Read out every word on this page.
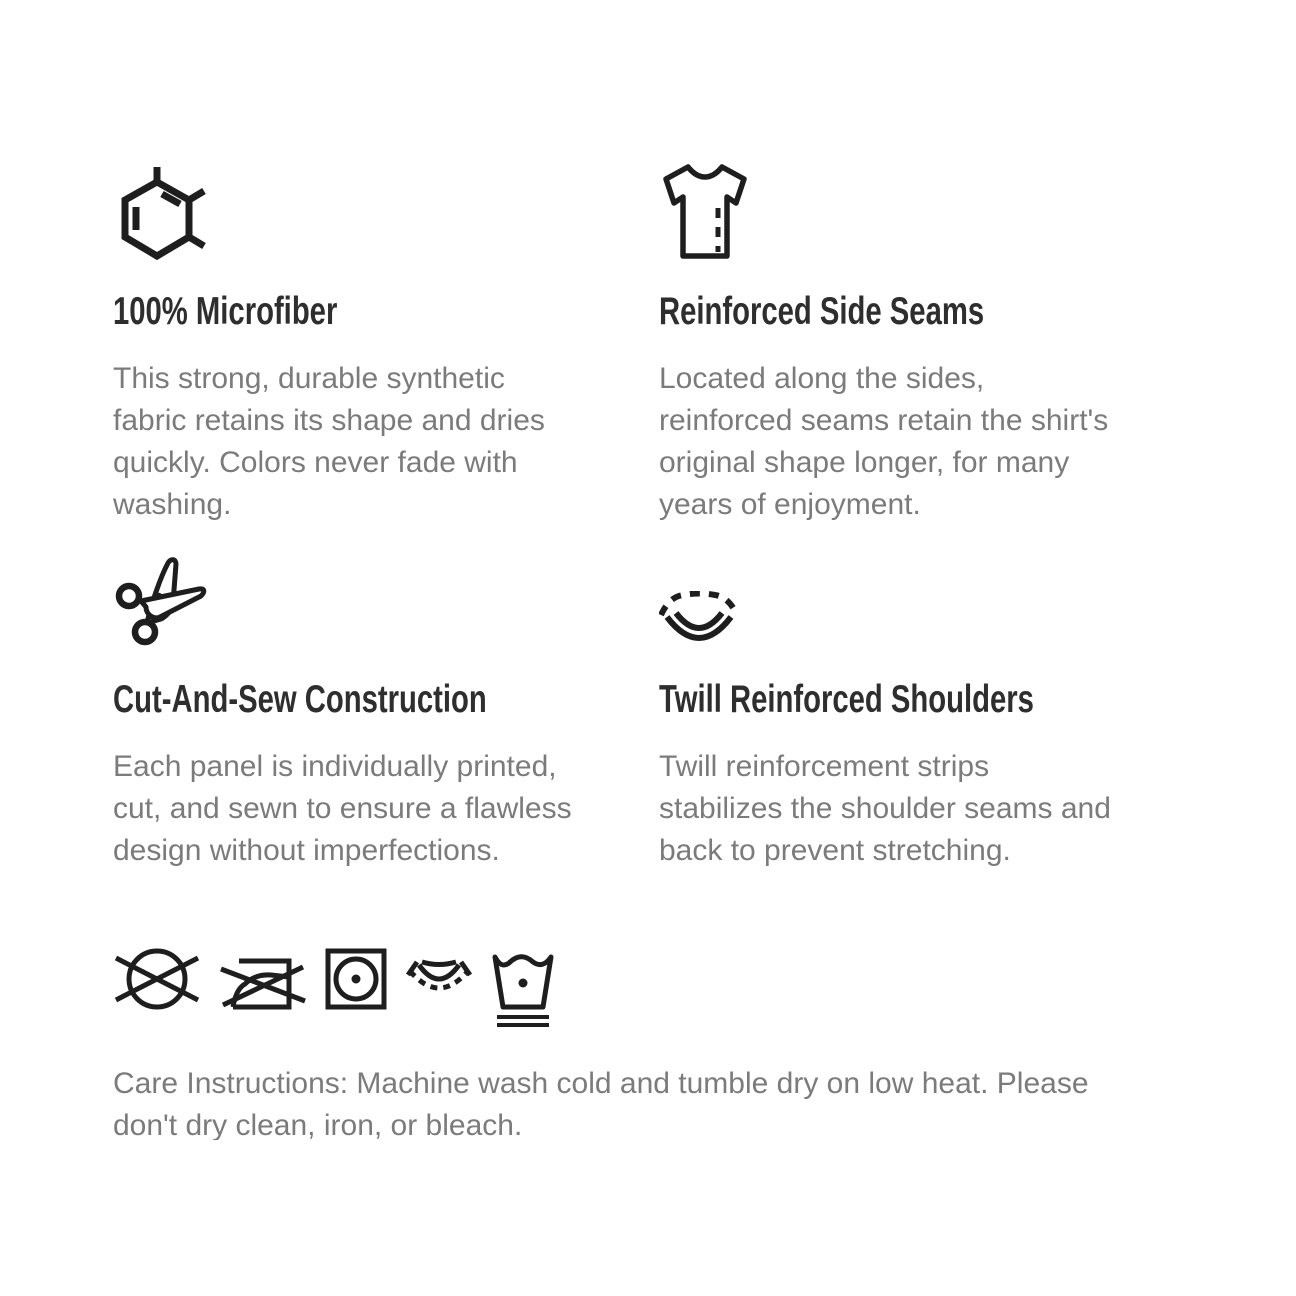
100% Microfiber
This strong, durable synthetic
fabric retains its shape and dries
quickly. Colors never fade with
washing.
Reinforced Side Seams
Located along the sides,
reinforced seams retain the shirt's
original shape longer, for many
years of enjoyment.
Cut-And-Sew Construction
Each panel is individually printed,
cut, and sewn to ensure a flawless
design without imperfections.
Twill Reinforced Shoulders
Twill reinforcement strips
stabilizes the shoulder seams and
back to prevent stretching.
Care Instructions: Machine wash cold and tumble dry on low heat. Please
don't dry clean, iron, or bleach.
